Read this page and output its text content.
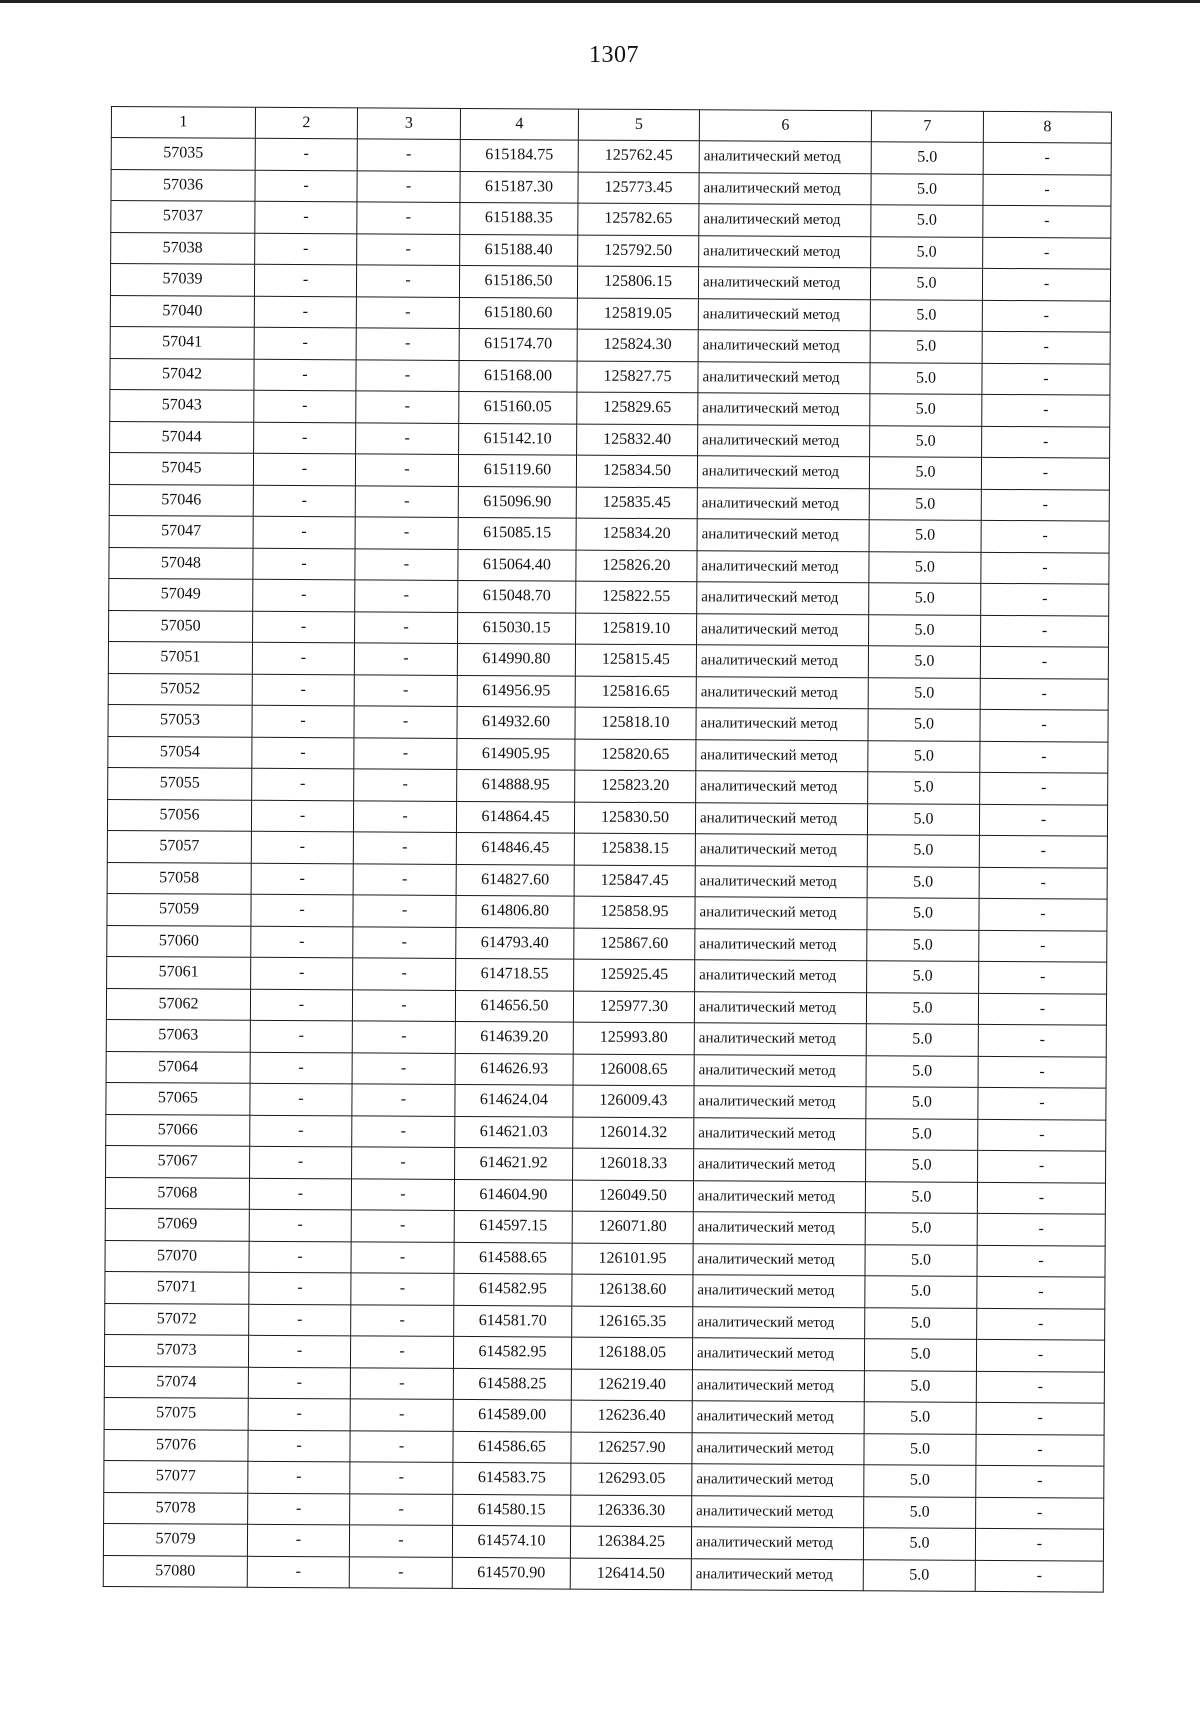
1307
1	2	3	4	5	6	7	8
57035	-	-	615184.75	125762.45	аналитический метод	5.0	-
57036	-	-	615187.30	125773.45	аналитический метод	5.0	-
57037	-	-	615188.35	125782.65	аналитический метод	5.0	-
57038	-	-	615188.40	125792.50	аналитический метод	5.0	-
57039	-	-	615186.50	125806.15	аналитический метод	5.0	-
57040	-	-	615180.60	125819.05	аналитический метод	5.0	-
57041	-	-	615174.70	125824.30	аналитический метод	5.0	-
57042	-	-	615168.00	125827.75	аналитический метод	5.0	-
57043	-	-	615160.05	125829.65	аналитический метод	5.0	-
57044	-	-	615142.10	125832.40	аналитический метод	5.0	-
57045	-	-	615119.60	125834.50	аналитический метод	5.0	-
57046	-	-	615096.90	125835.45	аналитический метод	5.0	-
57047	-	-	615085.15	125834.20	аналитический метод	5.0	-
57048	-	-	615064.40	125826.20	аналитический метод	5.0	-
57049	-	-	615048.70	125822.55	аналитический метод	5.0	-
57050	-	-	615030.15	125819.10	аналитический метод	5.0	-
57051	-	-	614990.80	125815.45	аналитический метод	5.0	-
57052	-	-	614956.95	125816.65	аналитический метод	5.0	-
57053	-	-	614932.60	125818.10	аналитический метод	5.0	-
57054	-	-	614905.95	125820.65	аналитический метод	5.0	-
57055	-	-	614888.95	125823.20	аналитический метод	5.0	-
57056	-	-	614864.45	125830.50	аналитический метод	5.0	-
57057	-	-	614846.45	125838.15	аналитический метод	5.0	-
57058	-	-	614827.60	125847.45	аналитический метод	5.0	-
57059	-	-	614806.80	125858.95	аналитический метод	5.0	-
57060	-	-	614793.40	125867.60	аналитический метод	5.0	-
57061	-	-	614718.55	125925.45	аналитический метод	5.0	-
57062	-	-	614656.50	125977.30	аналитический метод	5.0	-
57063	-	-	614639.20	125993.80	аналитический метод	5.0	-
57064	-	-	614626.93	126008.65	аналитический метод	5.0	-
57065	-	-	614624.04	126009.43	аналитический метод	5.0	-
57066	-	-	614621.03	126014.32	аналитический метод	5.0	-
57067	-	-	614621.92	126018.33	аналитический метод	5.0	-
57068	-	-	614604.90	126049.50	аналитический метод	5.0	-
57069	-	-	614597.15	126071.80	аналитический метод	5.0	-
57070	-	-	614588.65	126101.95	аналитический метод	5.0	-
57071	-	-	614582.95	126138.60	аналитический метод	5.0	-
57072	-	-	614581.70	126165.35	аналитический метод	5.0	-
57073	-	-	614582.95	126188.05	аналитический метод	5.0	-
57074	-	-	614588.25	126219.40	аналитический метод	5.0	-
57075	-	-	614589.00	126236.40	аналитический метод	5.0	-
57076	-	-	614586.65	126257.90	аналитический метод	5.0	-
57077	-	-	614583.75	126293.05	аналитический метод	5.0	-
57078	-	-	614580.15	126336.30	аналитический метод	5.0	-
57079	-	-	614574.10	126384.25	аналитический метод	5.0	-
57080	-	-	614570.90	126414.50	аналитический метод	5.0	-
